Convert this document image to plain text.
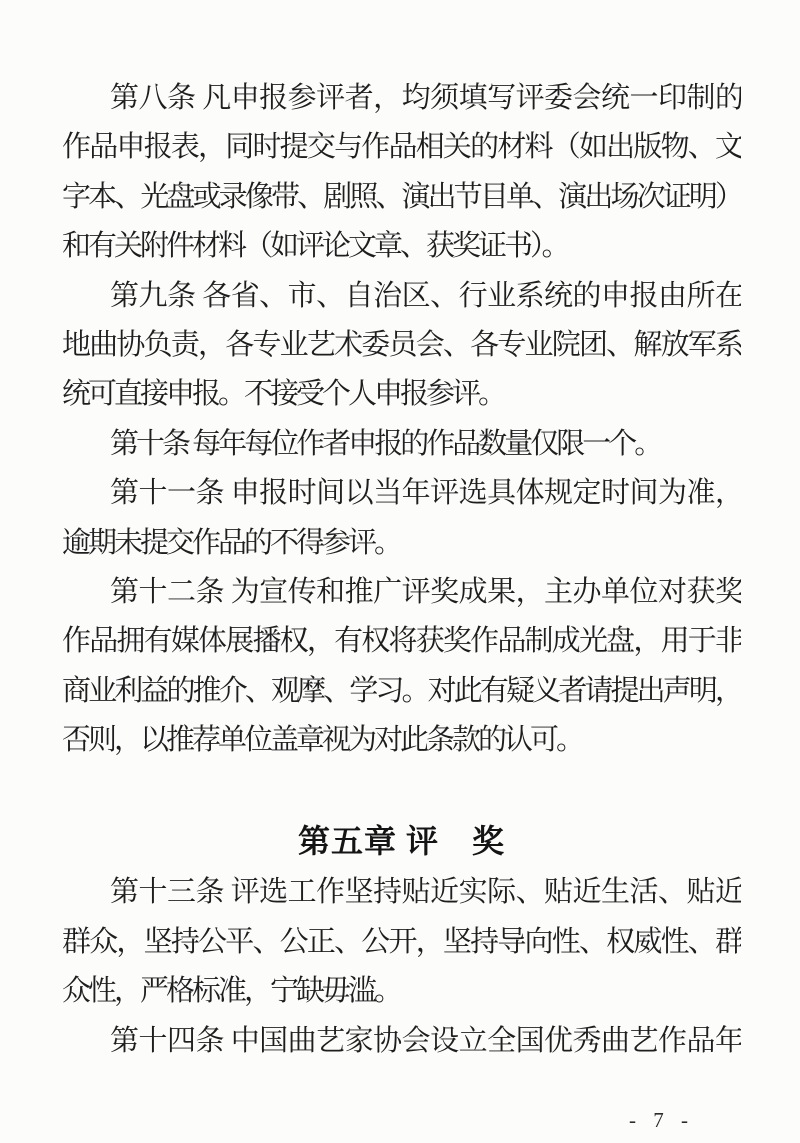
第八条 凡申报参评者，均须填写评委会统一印制的
作品申报表，同时提交与作品相关的材料（如出版物、文
字本、光盘或录像带、剧照、演出节目单、演出场次证明）
和有关附件材料（如评论文章、获奖证书）。
第九条 各省、市、自治区、行业系统的申报由所在
地曲协负责，各专业艺术委员会、各专业院团、解放军系
统可直接申报。不接受个人申报参评。
第十条 每年每位作者申报的作品数量仅限一个。
第十一条 申报时间以当年评选具体规定时间为准，
逾期未提交作品的不得参评。
第十二条 为宣传和推广评奖成果，主办单位对获奖
作品拥有媒体展播权，有权将获奖作品制成光盘，用于非
商业利益的推介、观摩、学习。对此有疑义者请提出声明，
否则，以推荐单位盖章视为对此条款的认可。
第五章 评　奖
第十三条 评选工作坚持贴近实际、贴近生活、贴近
群众，坚持公平、公正、公开，坚持导向性、权威性、群
众性，严格标准，宁缺毋滥。
第十四条 中国曲艺家协会设立全国优秀曲艺作品年
- 7 -
